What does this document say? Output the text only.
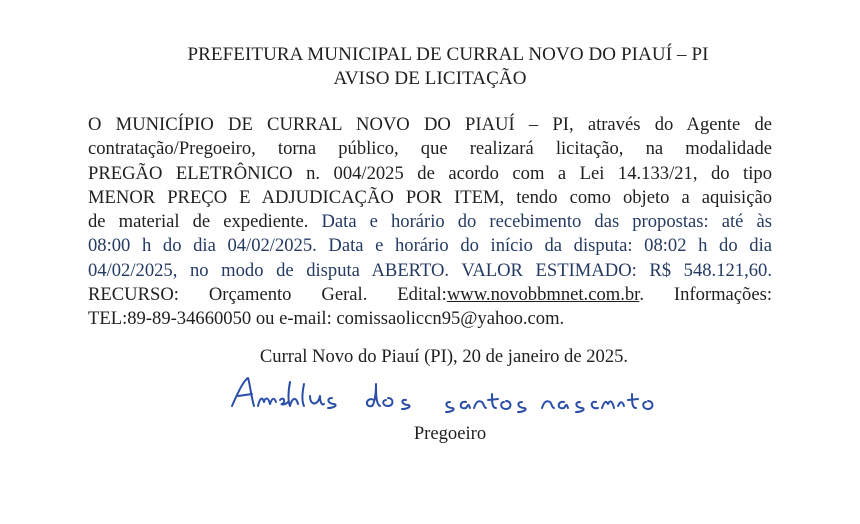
PREFEITURA MUNICIPAL DE CURRAL NOVO DO PIAUÍ – PI
AVISO DE LICITAÇÃO
O MUNICÍPIO DE CURRAL NOVO DO PIAUÍ – PI, através do Agente de
contratação/Pregoeiro, torna público, que realizará licitação, na modalidade
PREGÃO ELETRÔNICO n. 004/2025 de acordo com a Lei 14.133/21, do tipo
MENOR PREÇO E ADJUDICAÇÃO POR ITEM, tendo como objeto a aquisição
de material de expediente. Data e horário do recebimento das propostas: até às
08:00 h do dia 04/02/2025. Data e horário do início da disputa: 08:02 h do dia
04/02/2025, no modo de disputa ABERTO. VALOR ESTIMADO: R$ 548.121,60.
RECURSO: Orçamento Geral. Edital:www.novobbmnet.com.br. Informações:
TEL:89-89-34660050 ou e-mail: comissaoliccn95@yahoo.com.
Curral Novo do Piauí (PI), 20 de janeiro de 2025.
Pregoeiro
